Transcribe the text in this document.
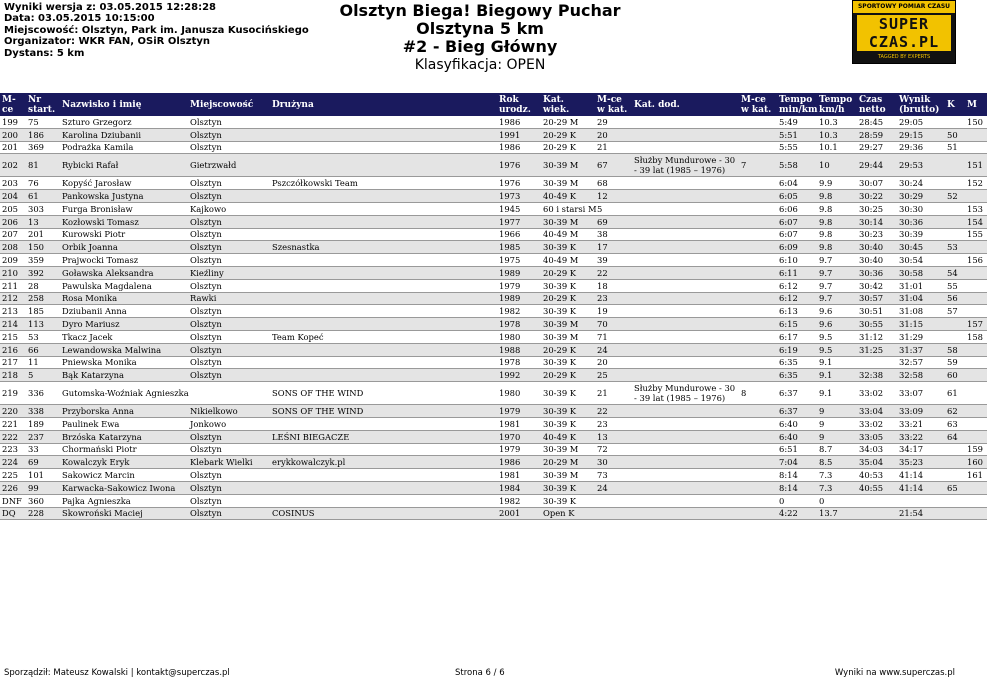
Wyniki wersja z: 03.05.2015 12:28:28
Data: 03.05.2015 10:15:00
Miejscowość: Olsztyn, Park im. Janusza Kusocińskiego
Organizator: WKR FAN, OSiR Olsztyn
Dystans: 5 km
Olsztyn Biega! Biegowy Puchar Olsztyna 5 km
#2 - Bieg Główny
Klasyfikacja: OPEN
SPORTOWY POMIAR CZASU
SUPER
CZAS.PL
TAGGED BY EXPERTS
M-ce	Nr start.	Nazwisko i imię	Miejscowość	Drużyna	Rok urodz.	Kat. wiek.	M-ce w kat.	Kat. dod.	M-ce w kat.	Tempo min/km	Tempo km/h	Czas netto	Wynik (brutto)	K	M
199	75	Szturo Grzegorz	Olsztyn		1986	20-29 M	29			5:49	10.3	28:45	29:05		150
200	186	Karolina Dziubanii	Olsztyn		1991	20-29 K	20			5:51	10.3	28:59	29:15	50	
201	369	Podrażka Kamila	Olsztyn		1986	20-29 K	21			5:55	10.1	29:27	29:36	51	
202	81	Rybicki Rafał	Gietrzwałd		1976	30-39 M	67	Służby Mundurowe - 30 - 39 lat (1985 – 1976)	7	5:58	10	29:44	29:53		151
203	76	Kopyść Jarosław	Olsztyn	Pszczółkowski Team	1976	30-39 M	68			6:04	9.9	30:07	30:24		152
204	61	Pankowska Justyna	Olsztyn		1973	40-49 K	12			6:05	9.8	30:22	30:29	52	
205	303	Furga Bronisław	Kajkowo		1945	60 i starsi M	5			6:06	9.8	30:25	30:30		153
206	13	Kozłowski Tomasz	Olsztyn		1977	30-39 M	69			6:07	9.8	30:14	30:36		154
207	201	Kurowski Piotr	Olsztyn		1966	40-49 M	38			6:07	9.8	30:23	30:39		155
208	150	Orbik Joanna	Olsztyn	Szesnastka	1985	30-39 K	17			6:09	9.8	30:40	30:45	53	
209	359	Prajwocki Tomasz	Olsztyn		1975	40-49 M	39			6:10	9.7	30:40	30:54		156
210	392	Goławska Aleksandra	Kieźliny		1989	20-29 K	22			6:11	9.7	30:36	30:58	54	
211	28	Pawulska Magdalena	Olsztyn		1979	30-39 K	18			6:12	9.7	30:42	31:01	55	
212	258	Rosa Monika	Rawki		1989	20-29 K	23			6:12	9.7	30:57	31:04	56	
213	185	Dziubanii Anna	Olsztyn		1982	30-39 K	19			6:13	9.6	30:51	31:08	57	
214	113	Dyro Mariusz	Olsztyn		1978	30-39 M	70			6:15	9.6	30:55	31:15		157
215	53	Tkacz Jacek	Olsztyn	Team Kopeć	1980	30-39 M	71			6:17	9.5	31:12	31:29		158
216	66	Lewandowska Malwina	Olsztyn		1988	20-29 K	24			6:19	9.5	31:25	31:37	58	
217	11	Pniewska Monika	Olsztyn		1978	30-39 K	20			6:35	9.1		32:57	59	
218	5	Bąk Katarzyna	Olsztyn		1992	20-29 K	25			6:35	9.1	32:38	32:58	60	
219	336	Gutomska-Woźniak Agnieszka		SONS OF THE WIND	1980	30-39 K	21	Służby Mundurowe - 30 - 39 lat (1985 – 1976)	8	6:37	9.1	33:02	33:07	61	
220	338	Przyborska Anna	Nikielkowo	SONS OF THE WIND	1979	30-39 K	22			6:37	9	33:04	33:09	62	
221	189	Paulinek Ewa	Jonkowo		1981	30-39 K	23			6:40	9	33:02	33:21	63	
222	237	Brzóska Katarzyna	Olsztyn	LEŚNI BIEGACZE	1970	40-49 K	13			6:40	9	33:05	33:22	64	
223	33	Chormański Piotr	Olsztyn		1979	30-39 M	72			6:51	8.7	34:03	34:17		159
224	69	Kowalczyk Eryk	Klebark Wielki	erykkowalczyk.pl	1986	20-29 M	30			7:04	8.5	35:04	35:23		160
225	101	Sakowicz Marcin	Olsztyn		1981	30-39 M	73			8:14	7.3	40:53	41:14		161
226	99	Karwacka-Sakowicz Iwona	Olsztyn		1984	30-39 K	24			8:14	7.3	40:55	41:14	65	
DNF	360	Pajka Agnieszka	Olsztyn		1982	30-39 K				0	0				
DQ	228	Skowroński Maciej	Olsztyn	COSINUS	2001	Open K				4:22	13.7		21:54		
Sporządził: Mateusz Kowalski | kontakt@superczas.pl	Strona 6 / 6	Wyniki na www.superczas.pl
